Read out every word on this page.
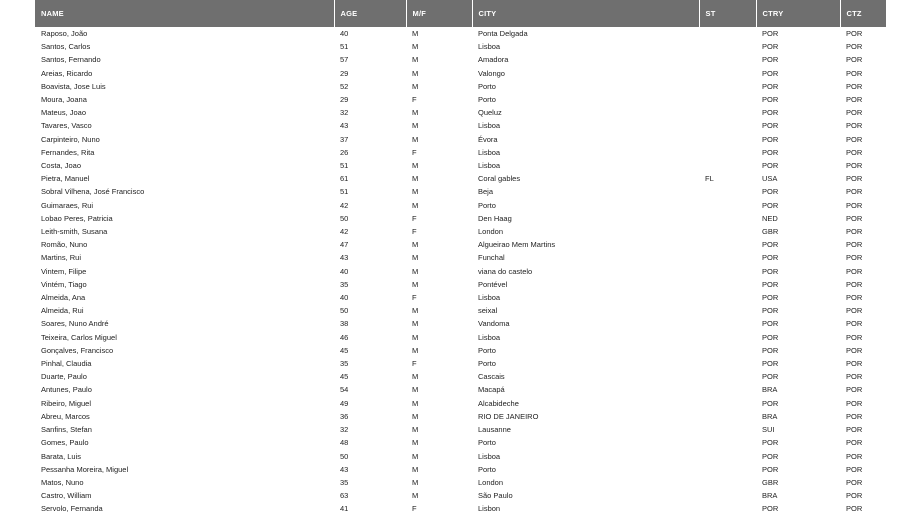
NAME	AGE	M/F	CITY	ST	CTRY	CTZ
Raposo, João	40	M	Ponta Delgada		POR	POR
Santos, Carlos	51	M	Lisboa		POR	POR
Santos, Fernando	57	M	Amadora		POR	POR
Areias, Ricardo	29	M	Valongo		POR	POR
Boavista, Jose Luis	52	M	Porto		POR	POR
Moura, Joana	29	F	Porto		POR	POR
Mateus, Joao	32	M	Queluz		POR	POR
Tavares, Vasco	43	M	Lisboa		POR	POR
Carpinteiro, Nuno	37	M	Évora		POR	POR
Fernandes, Rita	26	F	Lisboa		POR	POR
Costa, Joao	51	M	Lisboa		POR	POR
Pietra, Manuel	61	M	Coral gables	FL	USA	POR
Sobral Vilhena, José Francisco	51	M	Beja		POR	POR
Guimaraes, Rui	42	M	Porto		POR	POR
Lobao Peres, Patricia	50	F	Den Haag		NED	POR
Leith-smith, Susana	42	F	London		GBR	POR
Romão, Nuno	47	M	Algueirao Mem Martins		POR	POR
Martins, Rui	43	M	Funchal		POR	POR
Vintem, Filipe	40	M	viana do castelo		POR	POR
Vintém, Tiago	35	M	Pontével		POR	POR
Almeida, Ana	40	F	Lisboa		POR	POR
Almeida, Rui	50	M	seixal		POR	POR
Soares, Nuno André	38	M	Vandoma		POR	POR
Teixeira, Carlos Miguel	46	M	Lisboa		POR	POR
Gonçalves, Francisco	45	M	Porto		POR	POR
Pinhal, Claudia	35	F	Porto		POR	POR
Duarte, Paulo	45	M	Cascais		POR	POR
Antunes, Paulo	54	M	Macapá		BRA	POR
Ribeiro, Miguel	49	M	Alcabideche		POR	POR
Abreu, Marcos	36	M	RIO DE JANEIRO		BRA	POR
Sanfins, Stefan	32	M	Lausanne		SUI	POR
Gomes, Paulo	48	M	Porto		POR	POR
Barata, Luis	50	M	Lisboa		POR	POR
Pessanha Moreira, Miguel	43	M	Porto		POR	POR
Matos, Nuno	35	M	London		GBR	POR
Castro, William	63	M	São Paulo		BRA	POR
Servolo, Fernanda	41	F	Lisbon		POR	POR
